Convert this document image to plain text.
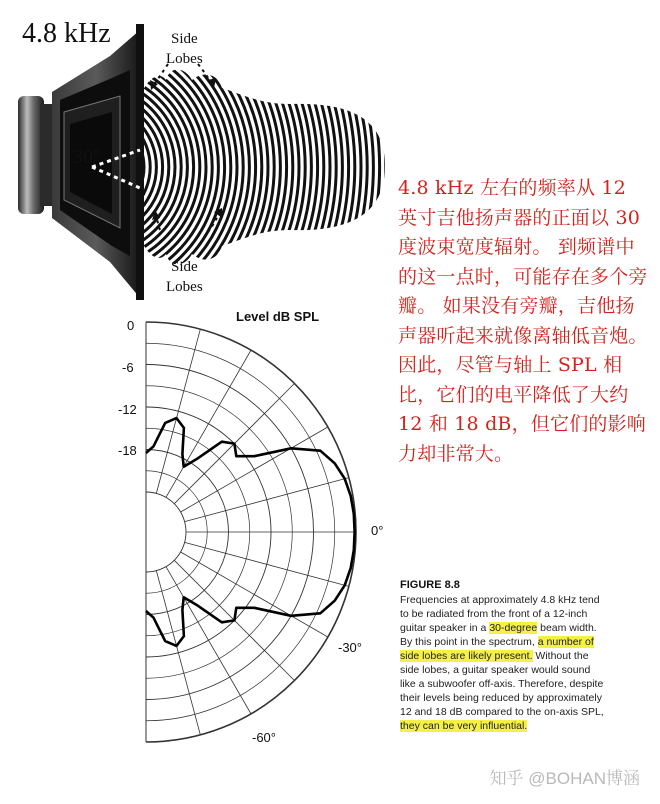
4.8 kHz
30°
Side
Lobes
Side
Lobes
4.8 kHz 左右的频率从 12 英寸吉他扬声器的正面以 30 度波束宽度辐射。 到频谱中的这一点时，可能存在多个旁瓣。 如果没有旁瓣，吉他扬声器听起来就像离轴低音炮。 因此，尽管与轴上 SPL 相比，它们的电平降低了大约 12 和 18 dB，但它们的影响力却非常大。
Level dB SPL
0
-6
-12
-18
0°
-30°
-60°
FIGURE 8.8
Frequencies at approximately 4.8 kHz tend to be radiated from the front of a 12-inch guitar speaker in a 30-degree beam width. By this point in the spectrum, a number of side lobes are likely present. Without the side lobes, a guitar speaker would sound like a subwoofer off-axis. Therefore, despite their levels being reduced by approximately 12 and 18 dB compared to the on-axis SPL, they can be very influential.
知乎 @BOHAN博涵
